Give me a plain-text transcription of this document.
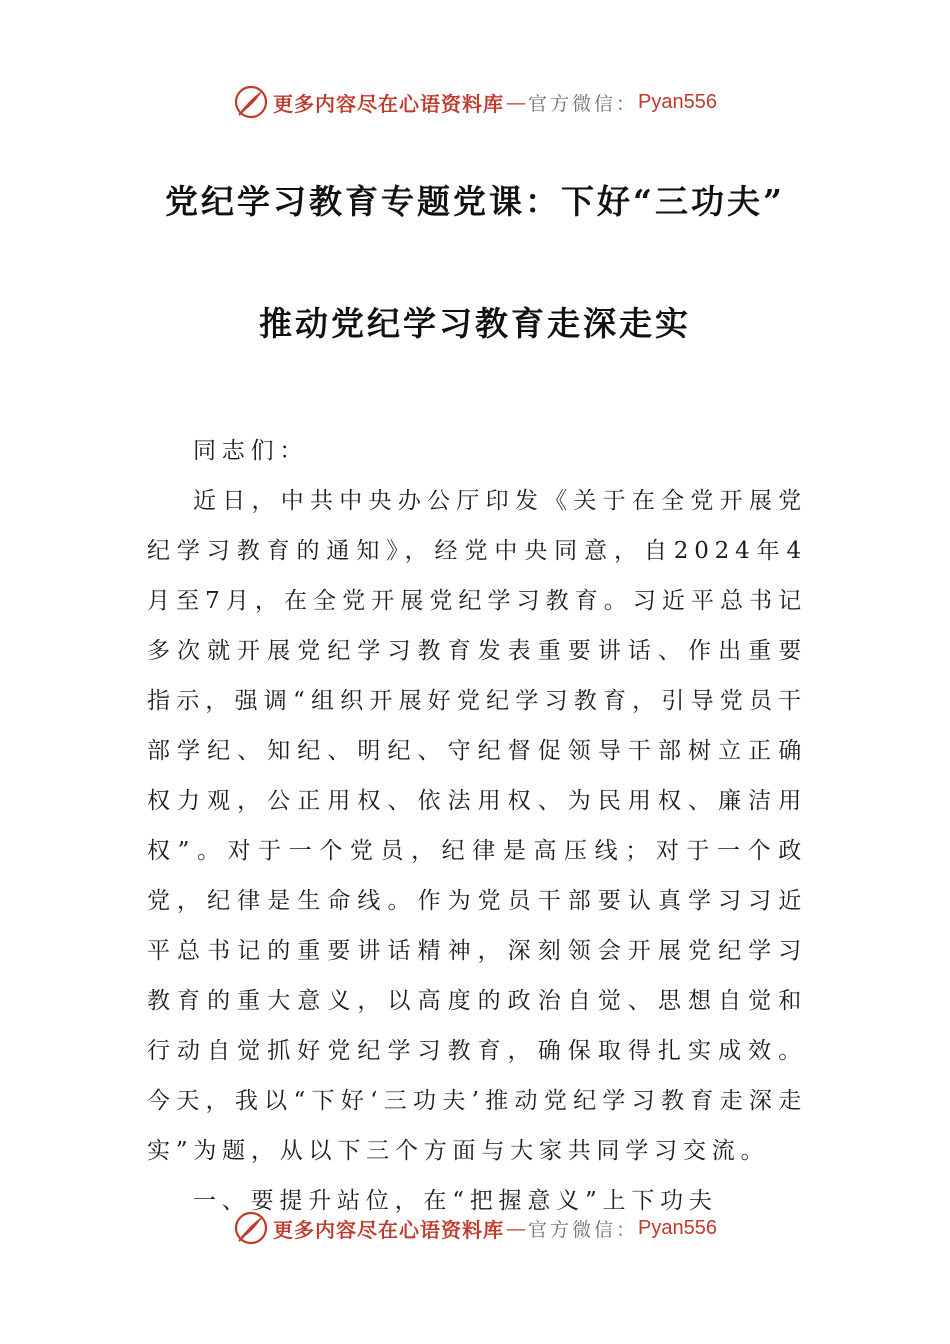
更多内容尽在心语资料库 — 官方微信： Pyan556
党纪学习教育专题党课：下好“三功夫”
推动党纪学习教育走深走实

同志们：

近日，中共中央办公厅印发《关于在全党开展党纪学习教育的通知》，经党中央同意，自2024年4月至7月，在全党开展党纪学习教育。习近平总书记多次就开展党纪学习教育发表重要讲话、作出重要指示，强调“组织开展好党纪学习教育，引导党员干部学纪、知纪、明纪、守纪督促领导干部树立正确权力观，公正用权、依法用权、为民用权、廉洁用权”。对于一个党员，纪律是高压线；对于一个政党，纪律是生命线。作为党员干部要认真学习习近平总书记的重要讲话精神，深刻领会开展党纪学习教育的重大意义，以高度的政治自觉、思想自觉和行动自觉抓好党纪学习教育，确保取得扎实成效。今天，我以“下好‘三功夫’推动党纪学习教育走深走实”为题，从以下三个方面与大家共同学习交流。

一、要提升站位，在“把握意义”上下功夫

更多内容尽在心语资料库 — 官方微信： Pyan556
